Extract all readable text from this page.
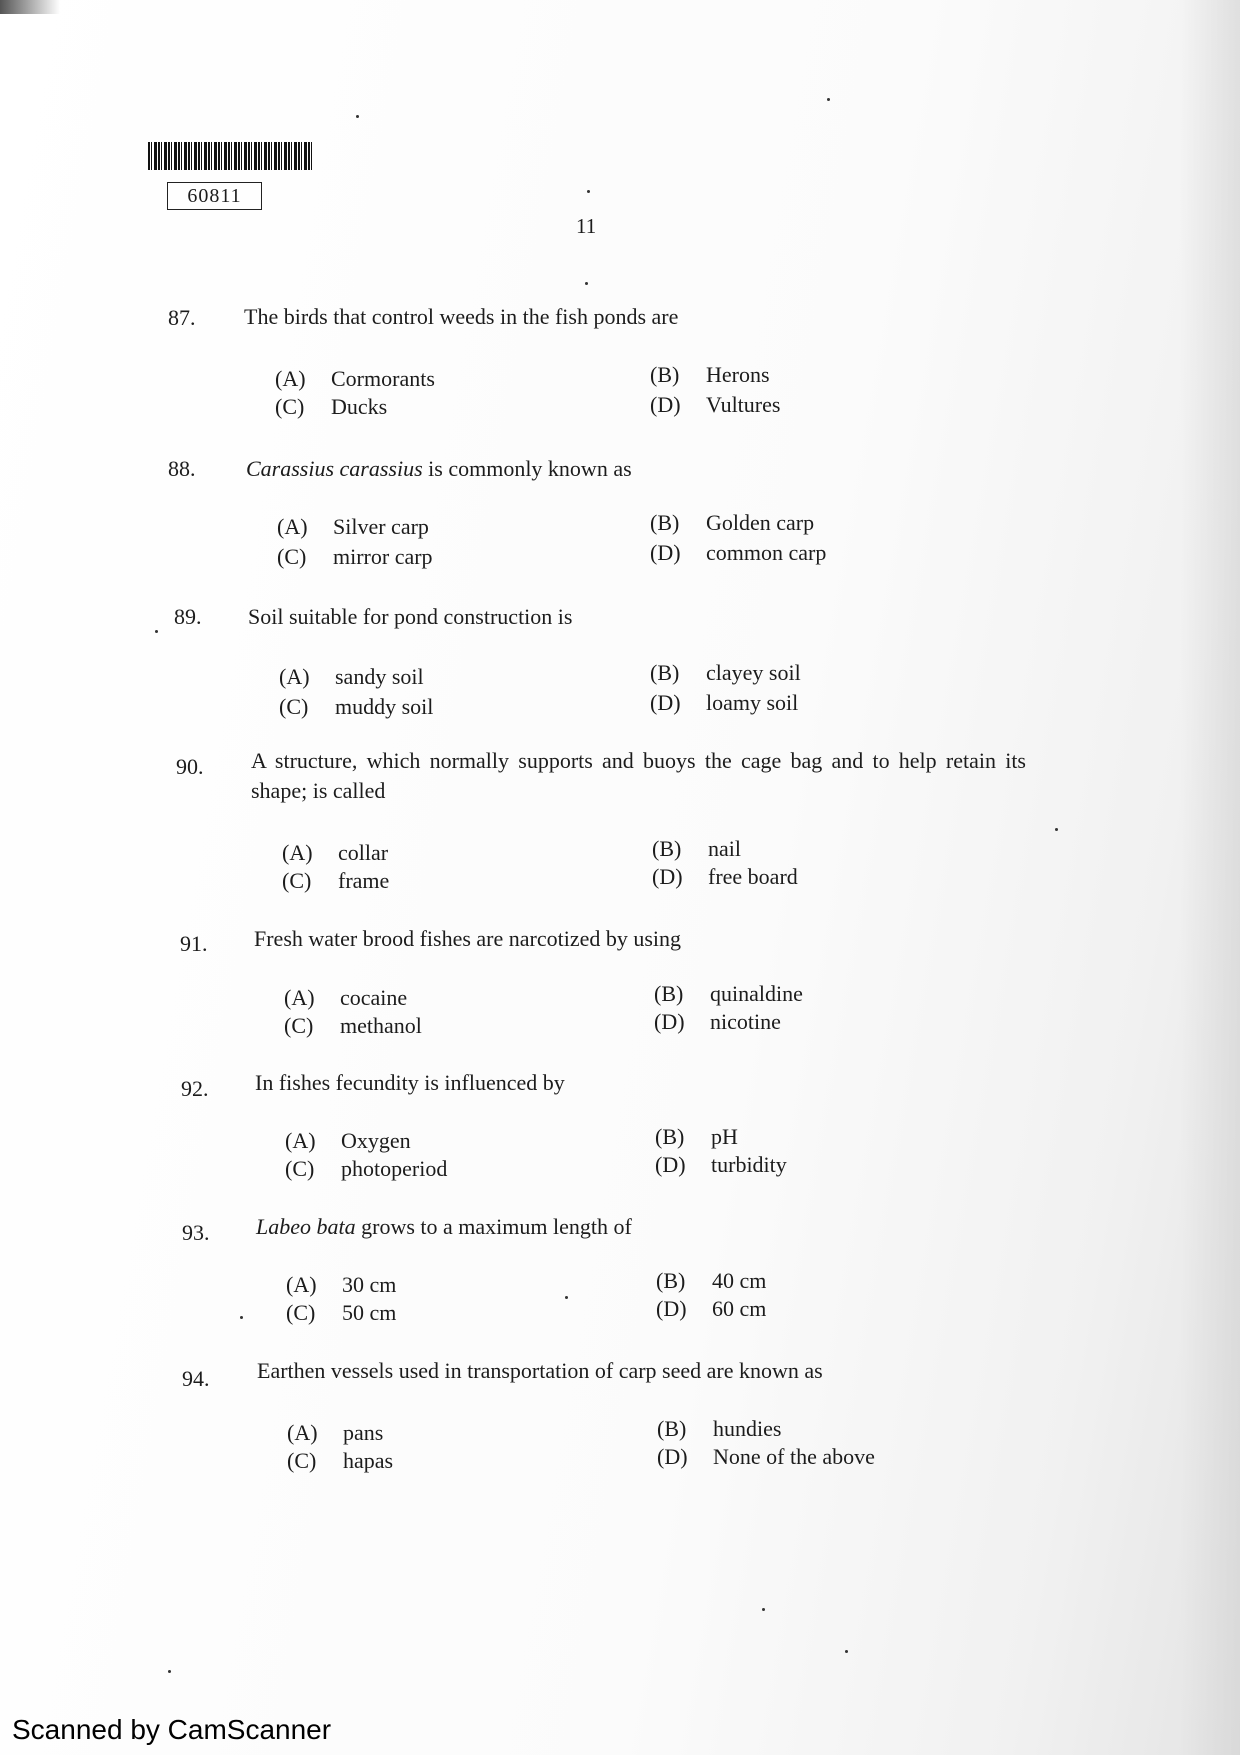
60811
11
87. The birds that control weeds in the fish ponds are
(A) Cormorants	(B) Herons
(C) Ducks	(D) Vultures
88. Carassius carassius is commonly known as
(A) Silver carp	(B) Golden carp
(C) mirror carp	(D) common carp
89. Soil suitable for pond construction is
(A) sandy soil	(B) clayey soil
(C) muddy soil	(D) loamy soil
90. A structure, which normally supports and buoys the cage bag and to help retain its shape; is called
(A) collar	(B) nail
(C) frame	(D) free board
91. Fresh water brood fishes are narcotized by using
(A) cocaine	(B) quinaldine
(C) methanol	(D) nicotine
92. In fishes fecundity is influenced by
(A) Oxygen	(B) pH
(C) photoperiod	(D) turbidity
93. Labeo bata grows to a maximum length of
(A) 30 cm	(B) 40 cm
(C) 50 cm	(D) 60 cm
94. Earthen vessels used in transportation of carp seed are known as
(A) pans	(B) hundies
(C) hapas	(D) None of the above
Scanned by CamScanner
